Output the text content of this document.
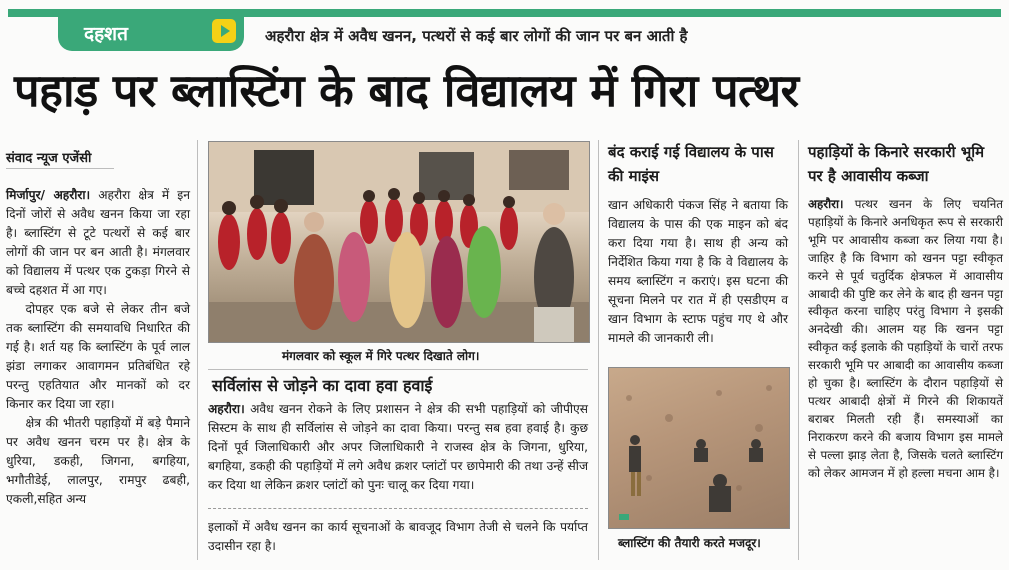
दहशत	अहरौरा क्षेत्र में अवैध खनन, पत्थरों से कई बार लोगों की जान पर बन आती है
पहाड़ पर ब्लास्टिंग के बाद विद्यालय में गिरा पत्थर
संवाद न्यूज एजेंसी

मिर्जापुर/ अहरौरा। अहरौरा क्षेत्र में इन दिनों जोरों से अवैध खनन किया जा रहा है। ब्लास्टिंग से टूटे पत्थरों से कई बार लोगों की जान पर बन आती है। मंगलवार को विद्यालय में पत्थर एक टुकड़ा गिरने से बच्चे दहशत में आ गए।

दोपहर एक बजे से लेकर तीन बजे तक ब्लास्टिंग की समयावधि निधारित की गई है। शर्त यह कि ब्लास्टिंग के पूर्व लाल झंडा लगाकर आवागमन प्रतिबंधित रहे परन्तु एहतियात और मानकों को दर किनार कर दिया जा रहा।

क्षेत्र की भीतरी पहाड़ियों में बड़े पैमाने पर अवैध खनन चरम पर है। क्षेत्र के धुरिया, डकही, जिगना, बगहिया, भगौतीडेई, लालपुर, रामपुर ढबही, एकली,सहित अन्य

मंगलवार को स्कूल में गिरे पत्थर दिखाते लोग।
सर्विलांस से जोड़ने का दावा हवा हवाई

अहरौरा। अवैध खनन रोकने के लिए प्रशासन ने क्षेत्र की सभी पहाड़ियों को जीपीएस सिस्टम के साथ ही सर्विलांस से जोड़ने का दावा किया। परन्तु सब हवा हवाई है। कुछ दिनों पूर्व जिलाधिकारी और अपर जिलाधिकारी ने राजस्व क्षेत्र के जिगना, धुरिया, बगहिया, डकही की पहाड़ियों में लगे अवैध क्रशर प्लांटों पर छापेमारी की तथा उन्हें सीज कर दिया था लेकिन क्रशर प्लांटों को पुनः चालू कर दिया गया।

इलाकों में अवैध खनन का कार्य सूचनाओं के बावजूद विभाग तेजी से चलने कि पर्याप्त उदासीन रहा है।

बंद कराई गई विद्यालय के पास की माइंस

खान अधिकारी पंकज सिंह ने बताया कि विद्यालय के पास की एक माइन को बंद करा दिया गया है। साथ ही अन्य को निर्देशित किया गया है कि वे विद्यालय के समय ब्लास्टिंग न कराएं। इस घटना की सूचना मिलने पर रात में ही एसडीएम व खान विभाग के स्टाफ पहुंच गए थे और मामले की जानकारी ली।

ब्लास्टिंग की तैयारी करते मजदूर।
पहाड़ियों के किनारे सरकारी भूमि पर है आवासीय कब्जा

अहरौरा। पत्थर खनन के लिए चयनित पहाड़ियों के किनारे अनधिकृत रूप से सरकारी भूमि पर आवासीय कब्जा कर लिया गया है। जाहिर है कि विभाग को खनन पट्टा स्वीकृत करने से पूर्व चतुर्दिक क्षेत्रफल में आवासीय आबादी की पुष्टि कर लेने के बाद ही खनन पट्टा स्वीकृत करना चाहिए परंतु विभाग ने इसकी अनदेखी की। आलम यह कि खनन पट्टा स्वीकृत कई इलाके की पहाड़ियों के चारों तरफ सरकारी भूमि पर आबादी का आवासीय कब्जा हो चुका है। ब्लास्टिंग के दौरान पहाड़ियों से पत्थर आबादी क्षेत्रों में गिरने की शिकायतें बराबर मिलती रही हैं। समस्याओं का निराकरण करने की बजाय विभाग इस मामले से पल्ला झाड़ लेता है, जिसके चलते ब्लास्टिंग को लेकर आमजन में हो हल्ला मचना आम है।
